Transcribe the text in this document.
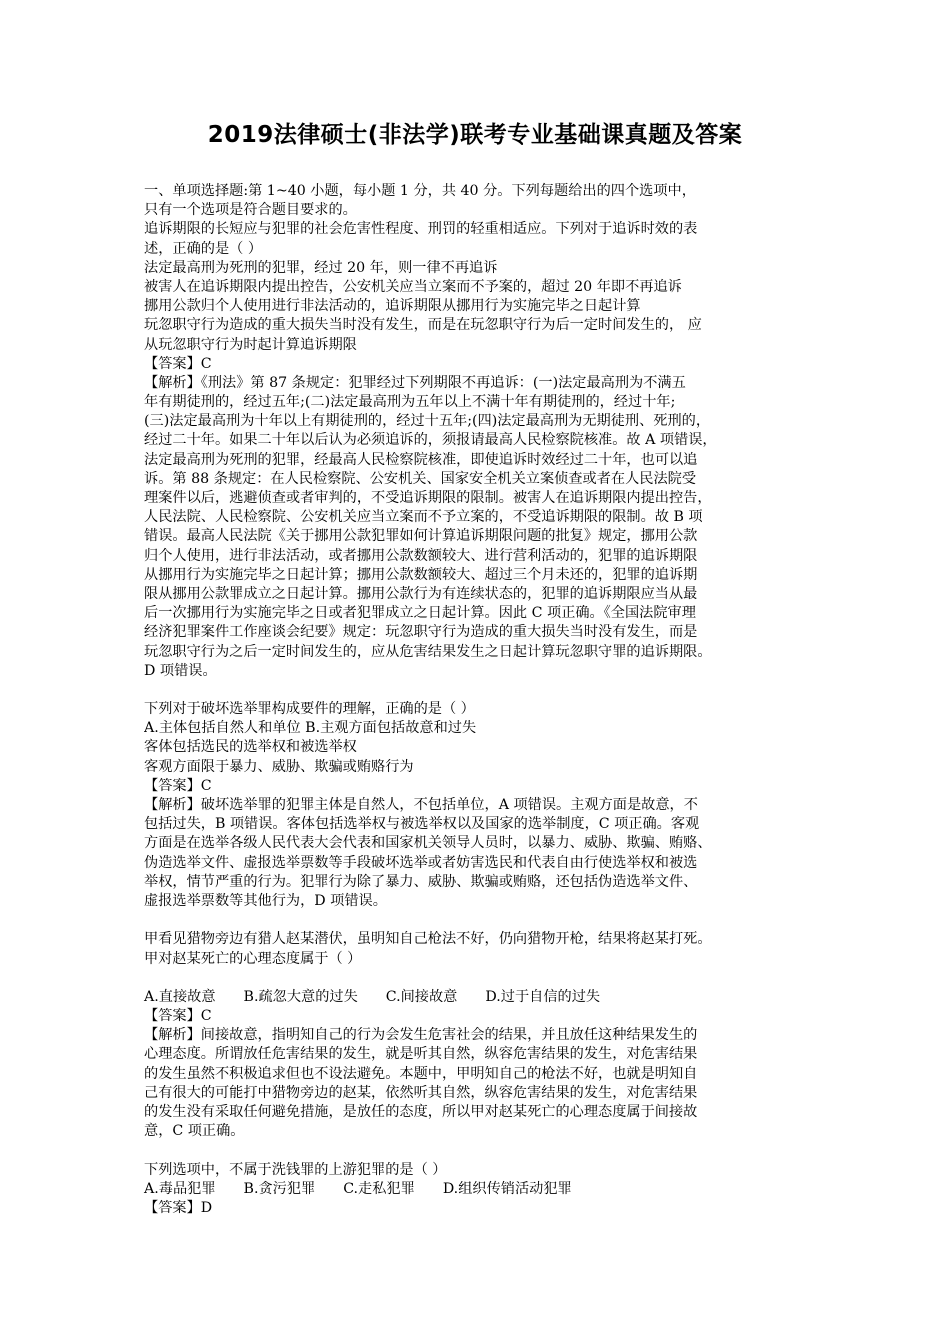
2019法律硕士(非法学)联考专业基础课真题及答案
一、单项选择题:第 1~40 小题，每小题 1 分，共 40 分。下列每题给出的四个选项中，
只有一个选项是符合题目要求的。
追诉期限的长短应与犯罪的社会危害性程度、刑罚的轻重相适应。下列对于追诉时效的表
述，正确的是（ ）
法定最高刑为死刑的犯罪，经过 20 年，则一律不再追诉
被害人在追诉期限内提出控告，公安机关应当立案而不予案的，超过 20 年即不再追诉
挪用公款归个人使用进行非法活动的，追诉期限从挪用行为实施完毕之日起计算
玩忽职守行为造成的重大损失当时没有发生，而是在玩忽职守行为后一定时间发生的， 应
从玩忽职守行为时起计算追诉期限
【答案】C
【解析】《刑法》第 87 条规定：犯罪经过下列期限不再追诉：(一)法定最高刑为不满五
年有期徒刑的，经过五年;(二)法定最高刑为五年以上不满十年有期徒刑的，经过十年;
(三)法定最高刑为十年以上有期徒刑的，经过十五年;(四)法定最高刑为无期徒刑、死刑的，
经过二十年。如果二十年以后认为必须追诉的，须报请最高人民检察院核准。故 A 项错误，
法定最高刑为死刑的犯罪，经最高人民检察院核准，即使追诉时效经过二十年，也可以追
诉。第 88 条规定：在人民检察院、公安机关、国家安全机关立案侦查或者在人民法院受
理案件以后，逃避侦查或者审判的，不受追诉期限的限制。被害人在追诉期限内提出控告，
人民法院、人民检察院、公安机关应当立案而不予立案的，不受追诉期限的限制。故 B 项
错误。最高人民法院《关于挪用公款犯罪如何计算追诉期限问题的批复》规定，挪用公款
归个人使用，进行非法活动，或者挪用公款数额较大、进行营利活动的，犯罪的追诉期限
从挪用行为实施完毕之日起计算；挪用公款数额较大、超过三个月未还的，犯罪的追诉期
限从挪用公款罪成立之日起计算。挪用公款行为有连续状态的，犯罪的追诉期限应当从最
后一次挪用行为实施完毕之日或者犯罪成立之日起计算。因此 C 项正确。《全国法院审理
经济犯罪案件工作座谈会纪要》规定：玩忽职守行为造成的重大损失当时没有发生，而是
玩忽职守行为之后一定时间发生的，应从危害结果发生之日起计算玩忽职守罪的追诉期限。
D 项错误。
下列对于破坏选举罪构成要件的理解，正确的是（ ）
A.主体包括自然人和单位 B.主观方面包括故意和过失
客体包括选民的选举权和被选举权
客观方面限于暴力、威胁、欺骗或贿赂行为
【答案】C
【解析】破坏选举罪的犯罪主体是自然人，不包括单位，A 项错误。主观方面是故意，不
包括过失，B 项错误。客体包括选举权与被选举权以及国家的选举制度，C 项正确。客观
方面是在选举各级人民代表大会代表和国家机关领导人员时，以暴力、威胁、欺骗、贿赂、
伪造选举文件、虚报选举票数等手段破坏选举或者妨害选民和代表自由行使选举权和被选
举权，情节严重的行为。犯罪行为除了暴力、威胁、欺骗或贿赂，还包括伪造选举文件、
虚报选举票数等其他行为，D 项错误。
甲看见猎物旁边有猎人赵某潜伏，虽明知自己枪法不好，仍向猎物开枪，结果将赵某打死。
甲对赵某死亡的心理态度属于（ ）
A.直接故意 B.疏忽大意的过失 C.间接故意 D.过于自信的过失
【答案】C
【解析】间接故意，指明知自己的行为会发生危害社会的结果，并且放任这种结果发生的
心理态度。所谓放任危害结果的发生，就是听其自然，纵容危害结果的发生，对危害结果
的发生虽然不积极追求但也不设法避免。本题中，甲明知自己的枪法不好，也就是明知自
己有很大的可能打中猎物旁边的赵某，依然听其自然，纵容危害结果的发生，对危害结果
的发生没有采取任何避免措施，是放任的态度，所以甲对赵某死亡的心理态度属于间接故
意，C 项正确。
下列选项中，不属于洗钱罪的上游犯罪的是（ ）
A.毒品犯罪 B.贪污犯罪 C.走私犯罪 D.组织传销活动犯罪
【答案】D
